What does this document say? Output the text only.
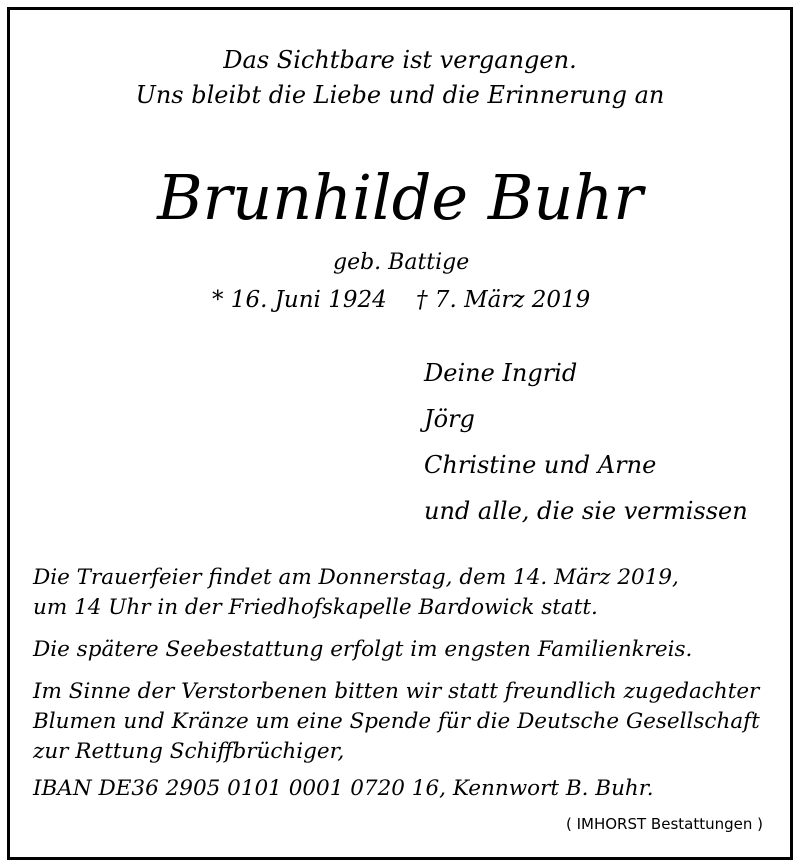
Das Sichtbare ist vergangen.
Uns bleibt die Liebe und die Erinnerung an
Brunhilde Buhr
geb. Battige
* 16. Juni 1924 † 7. März 2019
Deine Ingrid
Jörg
Christine und Arne
und alle, die sie vermissen
Die Trauerfeier findet am Donnerstag, dem 14. März 2019,
um 14 Uhr in der Friedhofskapelle Bardowick statt.
Die spätere Seebestattung erfolgt im engsten Familienkreis.
Im Sinne der Verstorbenen bitten wir statt freundlich zugedachter
Blumen und Kränze um eine Spende für die Deutsche Gesellschaft
zur Rettung Schiffbrüchiger,
IBAN DE36 2905 0101 0001 0720 16, Kennwort B. Buhr.
( IMHORST Bestattungen )
